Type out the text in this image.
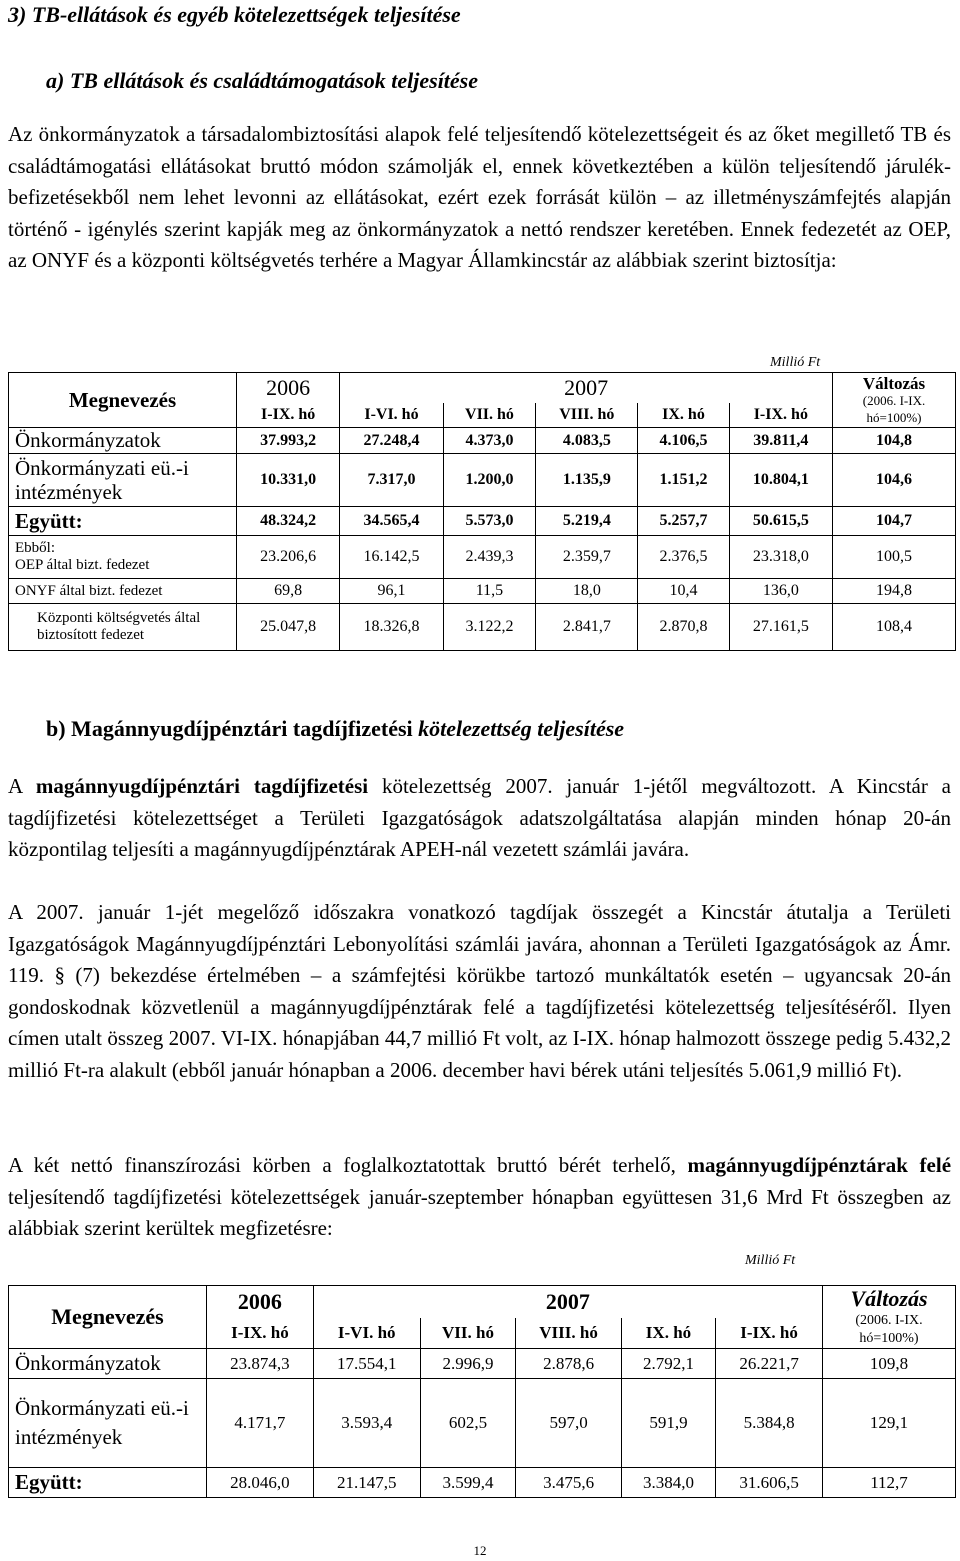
3) TB-ellátások és egyéb kötelezettségek teljesítése
a) TB ellátások és családtámogatások teljesítése
Az önkormányzatok a társadalombiztosítási alapok felé teljesítendő kötelezettségeit és az őket megillető TB és családtámogatási ellátásokat bruttó módon számolják el, ennek következtében a külön teljesítendő járulék-befizetésekből nem lehet levonni az ellátásokat, ezért ezek forrását külön – az illetményszámfejtés alapján történő - igénylés szerint kapják meg az önkormányzatok a nettó rendszer keretében. Ennek fedezetét az OEP, az ONYF és a központi költségvetés terhére a Magyar Államkincstár az alábbiak szerint biztosítja:
Millió Ft
Megnevezés	2006	2007					Változás
(2006. I-IX. hó=100%)

	I-IX. hó	I-VI. hó	VII. hó	VIII. hó	IX. hó	I-IX. hó	
Önkormányzatok	37.993,2	27.248,4	4.373,0	4.083,5	4.106,5	39.811,4	104,8
Önkormányzati eü.-i intézmények	10.331,0	7.317,0	1.200,0	1.135,9	1.151,2	10.804,1	104,6
Együtt:	48.324,2	34.565,4	5.573,0	5.219,4	5.257,7	50.615,5	104,7

Ebből:
OEP által bizt. fedezet	23.206,6	16.142,5	2.439,3	2.359,7	2.376,5	23.318,0	100,5
ONYF által bizt. fedezet	69,8	96,1	11,5	18,0	10,4	136,0	194,8
Központi költségvetés által biztosított fedezet	25.047,8	18.326,8	3.122,2	2.841,7	2.870,8	27.161,5	108,4
b) Magánnyugdíjpénztári tagdíjfizetési kötelezettség teljesítése
A magánnyugdíjpénztári tagdíjfizetési kötelezettség 2007. január 1-jétől megváltozott. A Kincstár a tagdíjfizetési kötelezettséget a Területi Igazgatóságok adatszolgáltatása alapján minden hónap 20-án központilag teljesíti a magánnyugdíjpénztárak APEH-nál vezetett számlái javára.
A 2007. január 1-jét megelőző időszakra vonatkozó tagdíjak összegét a Kincstár átutalja a Területi Igazgatóságok Magánnyugdíjpénztári Lebonyolítási számlái javára, ahonnan a Területi Igazgatóságok az Ámr. 119. § (7) bekezdése értelmében – a számfejtési körükbe tartozó munkáltatók esetén – ugyancsak 20-án gondoskodnak közvetlenül a magánnyugdíjpénztárak felé a tagdíjfizetési kötelezettség teljesítéséről. Ilyen címen utalt összeg 2007. VI-IX. hónapjában 44,7 millió Ft volt, az I-IX. hónap halmozott összege pedig 5.432,2 millió Ft-ra alakult (ebből január hónapban a 2006. december havi bérek utáni teljesítés 5.061,9 millió Ft).
A két nettó finanszírozási körben a foglalkoztatottak bruttó bérét terhelő, magánnyugdíjpénztárak felé teljesítendő tagdíjfizetési kötelezettségek január-szeptember hónapban együttesen 31,6 Mrd Ft összegben az alábbiak szerint kerültek megfizetésre:
Millió Ft
Megnevezés	2006	2007					Változás
(2006. I-IX. hó=100%)

	I-IX. hó	I-VI. hó	VII. hó	VIII. hó	IX. hó	I-IX. hó	
Önkormányzatok	23.874,3	17.554,1	2.996,9	2.878,6	2.792,1	26.221,7	109,8
Önkormányzati eü.-i intézmények	4.171,7	3.593,4	602,5	597,0	591,9	5.384,8	129,1
Együtt:	28.046,0	21.147,5	3.599,4	3.475,6	3.384,0	31.606,5	112,7
12
